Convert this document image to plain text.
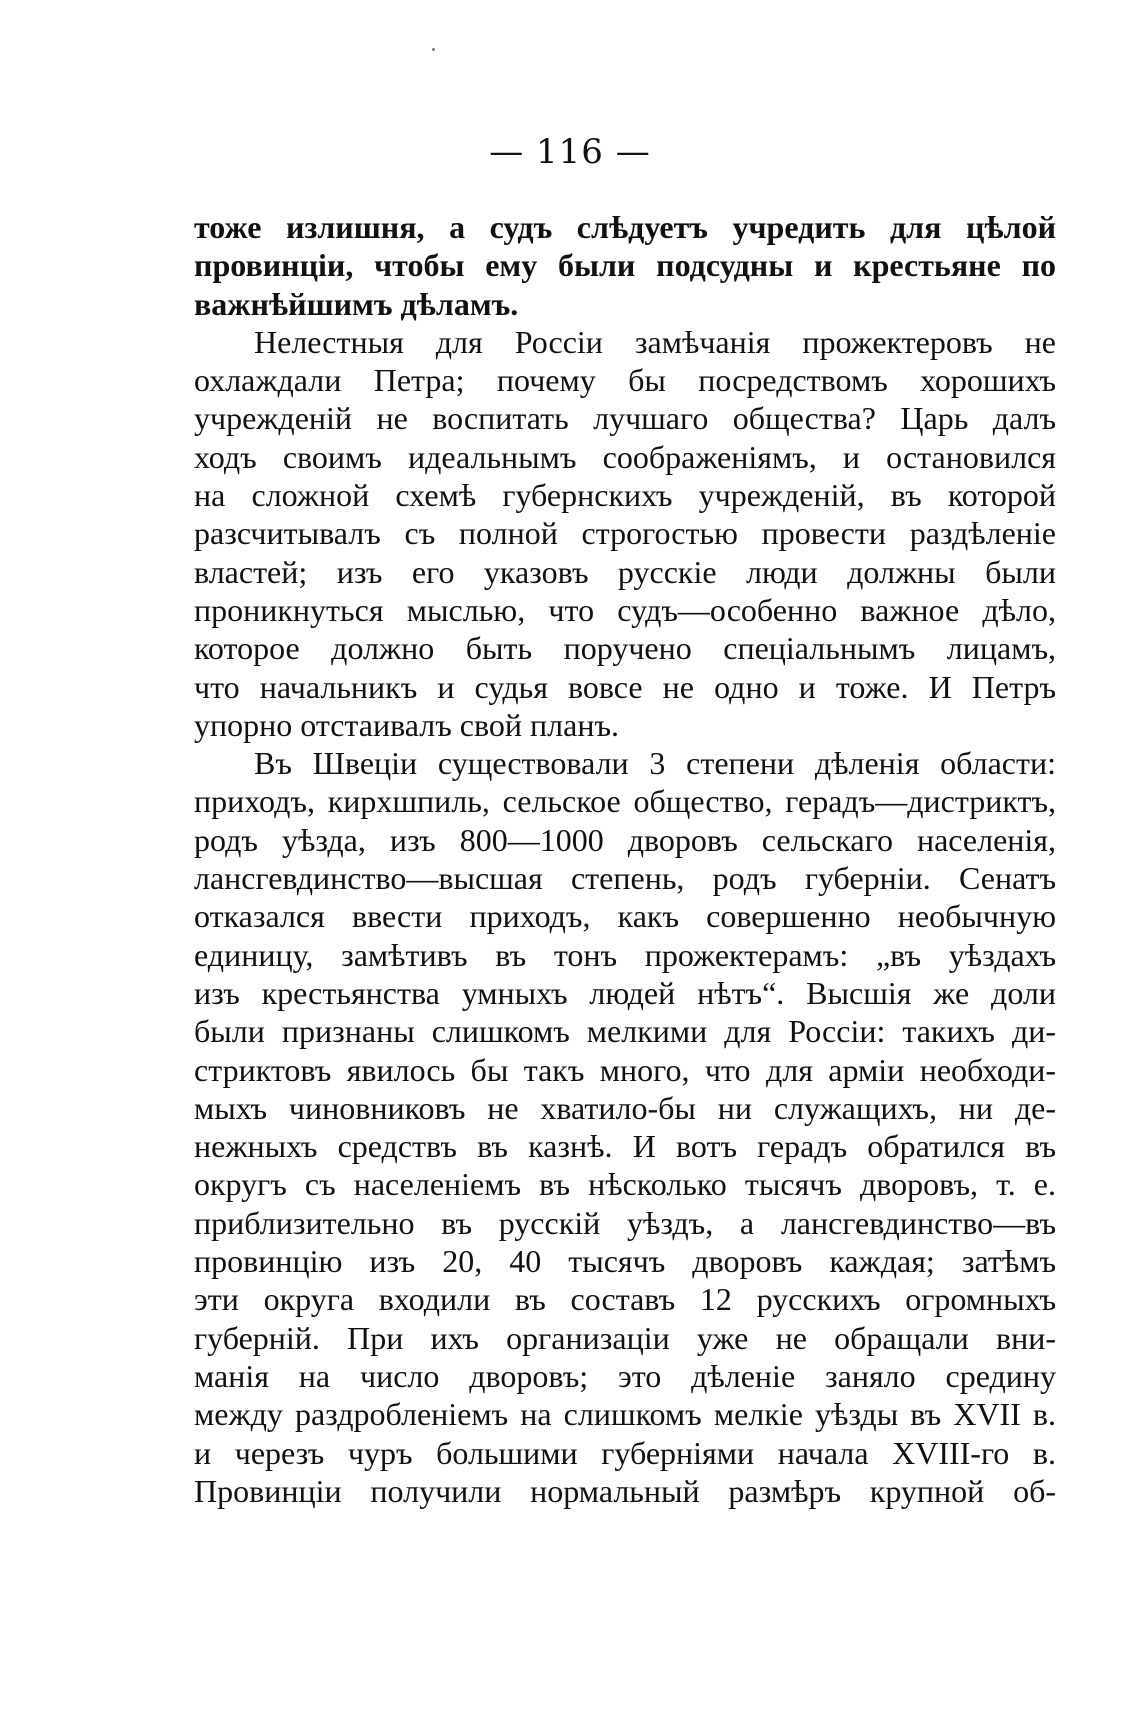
— 116 —
тоже излишня, а судъ слѣдуетъ учредить для цѣлой
провинціи, чтобы ему были подсудны и крестьяне по
важнѣйшимъ дѣламъ.
Нелестныя для Россіи замѣчанія прожектеровъ не
охлаждали Петра; почему бы посредствомъ хорошихъ
учрежденій не воспитать лучшаго общества? Царь далъ
ходъ своимъ идеальнымъ соображеніямъ, и остановился
на сложной схемѣ губернскихъ учрежденій, въ которой
разсчитывалъ съ полной строгостью провести раздѣленіе
властей; изъ его указовъ русскіе люди должны были
проникнуться мыслью, что судъ—особенно важное дѣло,
которое должно быть поручено спеціальнымъ лицамъ,
что начальникъ и судья вовсе не одно и тоже. И Петръ
упорно отстаивалъ свой планъ.
Въ Швеціи существовали 3 степени дѣленія области:
приходъ, кирхшпиль, сельское общество, герадъ—дистриктъ,
родъ уѣзда, изъ 800—1000 дворовъ сельскаго населенія,
лансгевдинство—высшая степень, родъ губерніи. Сенатъ
отказался ввести приходъ, какъ совершенно необычную
единицу, замѣтивъ въ тонъ прожектерамъ: „въ уѣздахъ
изъ крестьянства умныхъ людей нѣтъ“. Высшія же доли
были признаны слишкомъ мелкими для Россіи: такихъ ди-
стриктовъ явилось бы такъ много, что для арміи необходи-
мыхъ чиновниковъ не хватило-бы ни служащихъ, ни де-
нежныхъ средствъ въ казнѣ. И вотъ герадъ обратился въ
округъ съ населеніемъ въ нѣсколько тысячъ дворовъ, т. е.
приблизительно въ русскій уѣздъ, а лансгевдинство—въ
провинцію изъ 20, 40 тысячъ дворовъ каждая; затѣмъ
эти округа входили въ составъ 12 русскихъ огромныхъ
губерній. При ихъ организаціи уже не обращали вни-
манія на число дворовъ; это дѣленіе заняло средину
между раздробленіемъ на слишкомъ мелкіе уѣзды въ XVII в.
и черезъ чуръ большими губерніями начала XVIII-го в.
Провинціи получили нормальный размѣръ крупной об-
